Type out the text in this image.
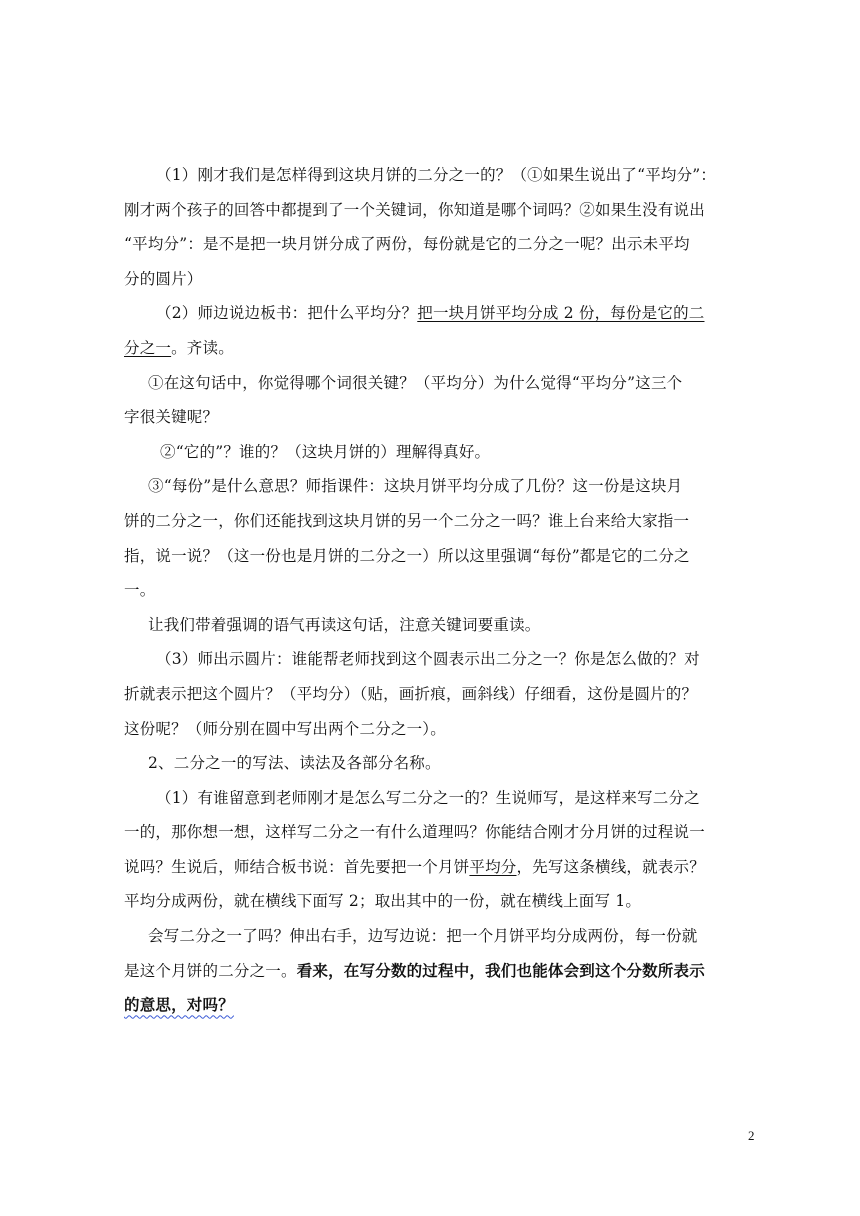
（1）刚才我们是怎样得到这块月饼的二分之一的？（①如果生说出了“平均分”：
刚才两个孩子的回答中都提到了一个关键词，你知道是哪个词吗？②如果生没有说出
“平均分”：是不是把一块月饼分成了两份，每份就是它的二分之一呢？出示未平均
分的圆片）
（2）师边说边板书：把什么平均分？把一块月饼平均分成 2 份，每份是它的二
分之一。齐读。
①在这句话中，你觉得哪个词很关键？（平均分）为什么觉得“平均分”这三个
字很关键呢？
②“它的”？谁的？（这块月饼的）理解得真好。
③“每份”是什么意思？师指课件：这块月饼平均分成了几份？这一份是这块月
饼的二分之一，你们还能找到这块月饼的另一个二分之一吗？谁上台来给大家指一
指，说一说？（这一份也是月饼的二分之一）所以这里强调“每份”都是它的二分之
一。
让我们带着强调的语气再读这句话，注意关键词要重读。
（3）师出示圆片：谁能帮老师找到这个圆表示出二分之一？你是怎么做的？对
折就表示把这个圆片？（平均分）（贴，画折痕，画斜线）仔细看，这份是圆片的？
这份呢？（师分别在圆中写出两个二分之一）。
2、二分之一的写法、读法及各部分名称。
（1）有谁留意到老师刚才是怎么写二分之一的？生说师写，是这样来写二分之
一的，那你想一想，这样写二分之一有什么道理吗？你能结合刚才分月饼的过程说一
说吗？生说后，师结合板书说：首先要把一个月饼平均分，先写这条横线，就表示？
平均分成两份，就在横线下面写 2；取出其中的一份，就在横线上面写 1。
会写二分之一了吗？伸出右手，边写边说：把一个月饼平均分成两份，每一份就
是这个月饼的二分之一。看来，在写分数的过程中，我们也能体会到这个分数所表示
的意思，对吗？
2
